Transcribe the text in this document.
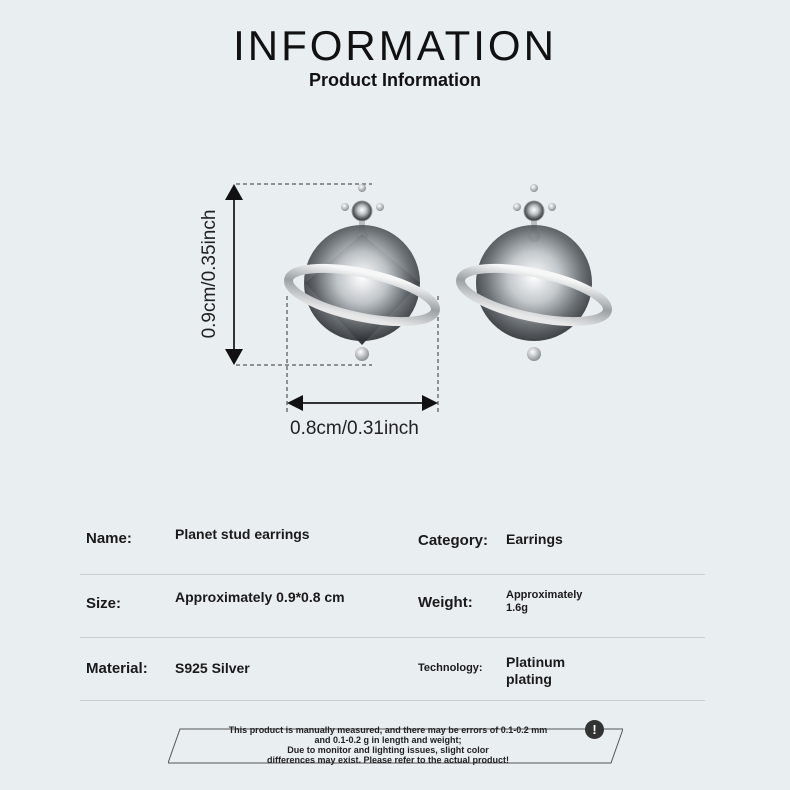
INFORMATION
Product Information
0.9cm/0.35inch
0.8cm/0.31inch
Name:	Planet stud earrings	Category: Earrings
Size:	Approximately 0.9*0.8 cm	Weight:	Approximately 1.6g
Material: S925 Silver	Technology: Platinum plating
This product is manually measured, and there may be errors of 0.1-0.2 mm
and 0.1-0.2 g in length and weight;
Due to monitor and lighting issues, slight color
differences may exist. Please refer to the actual product!
!
